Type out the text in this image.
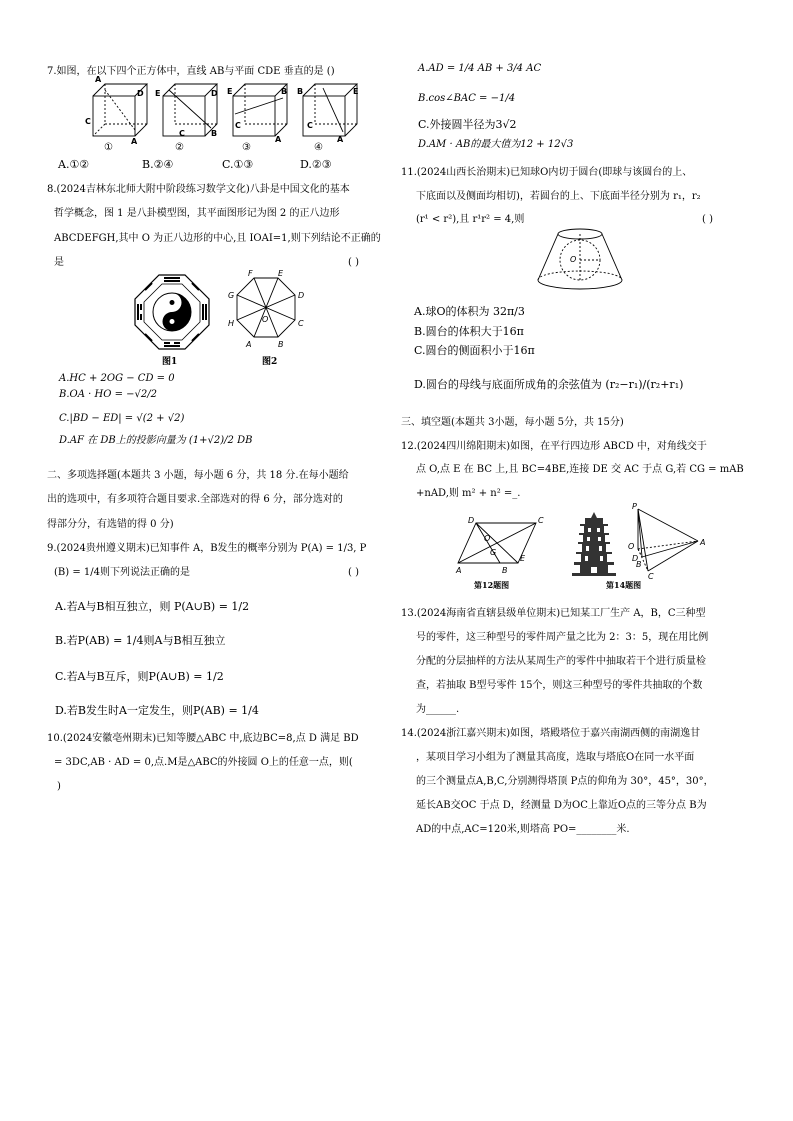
7.如图，在以下四个正方体中，直线 AB与平面 CDE 垂直的是 ()
A
D
C
A
E	D
C	B
E	B
C
A
B	E
C
A
①	②	③	④
A.①②	B.②④	C.①③	D.②③
8.(2024吉林东北师大附中阶段练习数学文化)八卦是中国文化的基本
哲学概念，图 1 是八卦模型图，其平面图形记为图 2 的正八边形
ABCDEFGH,其中 O 为正八边形的中心,且 IOAI=1,则下列结论不正确的
是	( )
图1
F	E
G	D
H	C
A	B
O
图2
A.HC + 2OG − CD = 0
B.OA · HO = −√2/2
C.|BD − ED| = √(2 + √2)
D.AF 在 DB上的投影向量为 (1+√2)/2 DB
二、多项选择题(本题共 3 小题，每小题 6 分，共 18 分.在每小题给
出的选项中，有多项符合题目要求.全部选对的得 6 分，部分选对的
得部分分，有选错的得 0 分)
9.(2024贵州遵义期末)已知事件 A，B发生的概率分别为 P(A) = 1/3, P
(B) = 1/4则下列说法正确的是	( )
A.若A与B相互独立，则 P(A∪B) = 1/2
B.若P(AB) = 1/4则A与B相互独立
C.若A与B互斥，则P(A∪B) = 1/2
D.若B发生时A一定发生，则P(AB) = 1/4
10.(2024安徽亳州期末)已知等腰△ABC 中,底边BC=8,点 D 满足 BD
= 3DC,AB · AD = 0,点.M是△ABC的外接圆 O上的任意一点，则(
)
A.AD = 1/4 AB + 3/4 AC
B.cos∠BAC = −1/4
C.外接圆半径为3√2
D.AM · AB的最大值为12 + 12√3
11.(2024山西长治期末)已知球O内切于圆台(即球与该圆台的上、
下底面以及侧面均相切)，若圆台的上、下底面半径分别为 r₁，r₂
(r¹ < r²),且 r¹r² = 4,则	( )
O
A.球O的体积为 32π/3
B.圆台的体积大于16π
C.圆台的侧面积小于16π
D.圆台的母线与底面所成角的余弦值为 (r₂−r₁)/(r₂+r₁)
三、填空题(本题共 3小题，每小题 5分，共 15分)
12.(2024四川绵阳期末)如图，在平行四边形 ABCD 中，对角线交于
点 O,点 E 在 BC 上,且 BC=4BE,连接 DE 交 AC 于点 G,若 CG = mAB
+nAD,则 m² + n² =_.
D	C
A
G
O
B
E
第12题图
P
A
O
D
B
C
第14题图
13.(2024海南省直辖县级单位期末)已知某工厂生产 A，B，C三种型
号的零件，这三种型号的零件周产量之比为 2：3：5，现在用比例
分配的分层抽样的方法从某周生产的零件中抽取若干个进行质量检
查，若抽取 B型号零件 15个，则这三种型号的零件共抽取的个数
为______.
14.(2024浙江嘉兴期末)如图，塔殿塔位于嘉兴南湖西侧的南湖逸甘
，某项目学习小组为了测量其高度，选取与塔底O在同一水平面
的三个测量点A,B,C,分别测得塔顶 P点的仰角为 30°，45°，30°，
延长AB交OC 于点 D，经测量 D为OC上靠近O点的三等分点 B为
AD的中点,AC=120米,则塔高 PO=________米.
